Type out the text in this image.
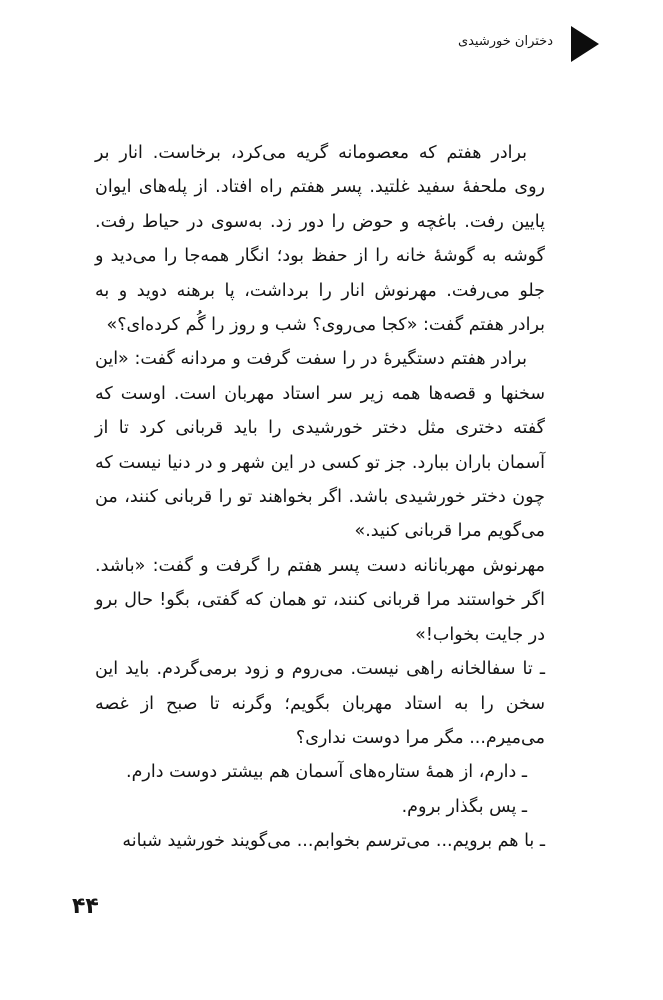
دختران خورشیدی

برادر هفتم که معصومانه گریه می‌کرد، برخاست. انار بر روی ملحفهٔ سفید غلتید. پسر هفتم راه افتاد. از پله‌های ایوان پایین رفت. باغچه و حوض را دور زد. به‌سوی در حیاط رفت. گوشه به گوشهٔ خانه را از حفظ بود؛ انگار همه‌جا را می‌دید و جلو می‌رفت. مهرنوش انار را برداشت، پا برهنه دوید و به برادر هفتم گفت: «کجا می‌روی؟ شب و روز را گُم کرده‌ای؟»

برادر هفتم دستگیرهٔ در را سفت گرفت و مردانه گفت: «این سخنها و قصه‌ها همه زیر سر استاد مهربان است. اوست که گفته دختری مثل دختر خورشیدی را باید قربانی کرد تا از آسمان باران ببارد. جز تو کسی در این شهر و در دنیا نیست که چون دختر خورشیدی باشد. اگر بخواهند تو را قربانی کنند، من می‌گویم مرا قربانی کنید.»

مهرنوش مهربانانه دست پسر هفتم را گرفت و گفت: «باشد. اگر خواستند مرا قربانی کنند، تو همان که گفتی، بگو! حال برو در جایت بخواب!»

ـ تا سفالخانه راهی نیست. می‌روم و زود برمی‌گردم. باید این سخن را به استاد مهربان بگویم؛ وگرنه تا صبح از غصه می‌میرم... مگر مرا دوست نداری؟

ـ دارم، از همهٔ ستاره‌های آسمان هم بیشتر دوست دارم.

ـ پس بگذار بروم.

ـ با هم برویم... می‌ترسم بخوابم... می‌گویند خورشید شبانه

۴۴
